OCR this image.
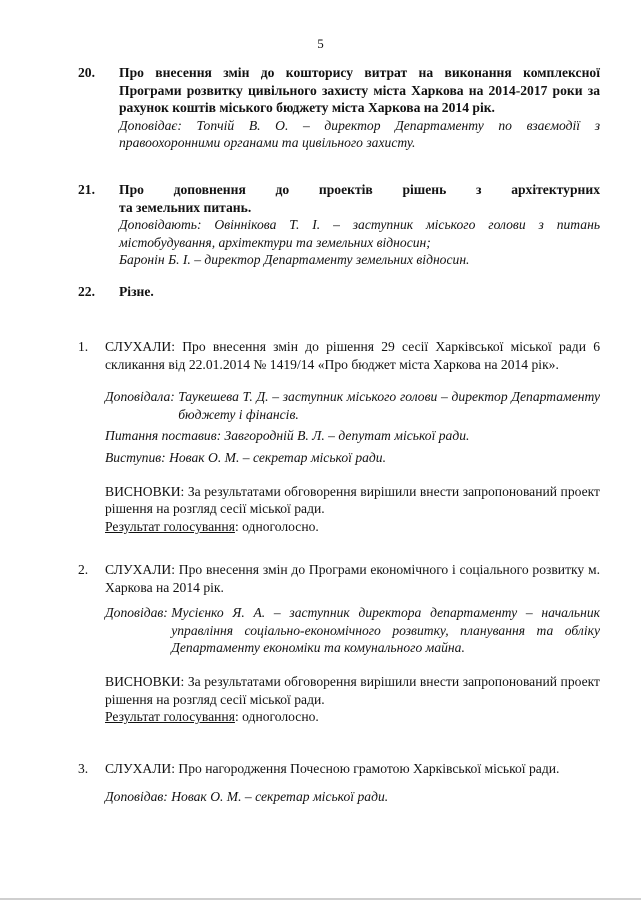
5
20. Про внесення змін до кошторису витрат на виконання комплексної Програми розвитку цивільного захисту міста Харкова на 2014-2017 роки за рахунок коштів міського бюджету міста Харкова на 2014 рік.
Доповідає: Топчій В. О. – директор Департаменту по взаємодії з правоохоронними органами та цивільного захисту.
21. Про доповнення до проектів рішень з архітектурних
та земельних питань.
Доповідають: Овіннікова Т. І. – заступник міського голови з питань містобудування, архітектури та земельних відносин;
Баронін Б. І. – директор Департаменту земельних відносин.
22. Різне.
1. СЛУХАЛИ: Про внесення змін до рішення 29 сесії Харківської міської ради 6 скликання від 22.01.2014 № 1419/14 «Про бюджет міста Харкова на 2014 рік».
Доповідала: Таукешева Т. Д. – заступник міського голови – директор Департаменту бюджету і фінансів.
Питання поставив: Завгородній В. Л. – депутат міської ради.
Виступив: Новак О. М. – секретар міської ради.
ВИСНОВКИ: За результатами обговорення вирішили внести запропонований проект рішення на розгляд сесії міської ради.
Результат голосування: одноголосно.
2. СЛУХАЛИ: Про внесення змін до Програми економічного і соціального розвитку м. Харкова на 2014 рік.
Доповідав: Мусієнко Я. А. – заступник директора департаменту – начальник управління соціально-економічного розвитку, планування та обліку Департаменту економіки та комунального майна.
ВИСНОВКИ: За результатами обговорення вирішили внести запропонований проект рішення на розгляд сесії міської ради.
Результат голосування: одноголосно.
3. СЛУХАЛИ: Про нагородження Почесною грамотою Харківської міської ради.
Доповідав: Новак О. М. – секретар міської ради.
